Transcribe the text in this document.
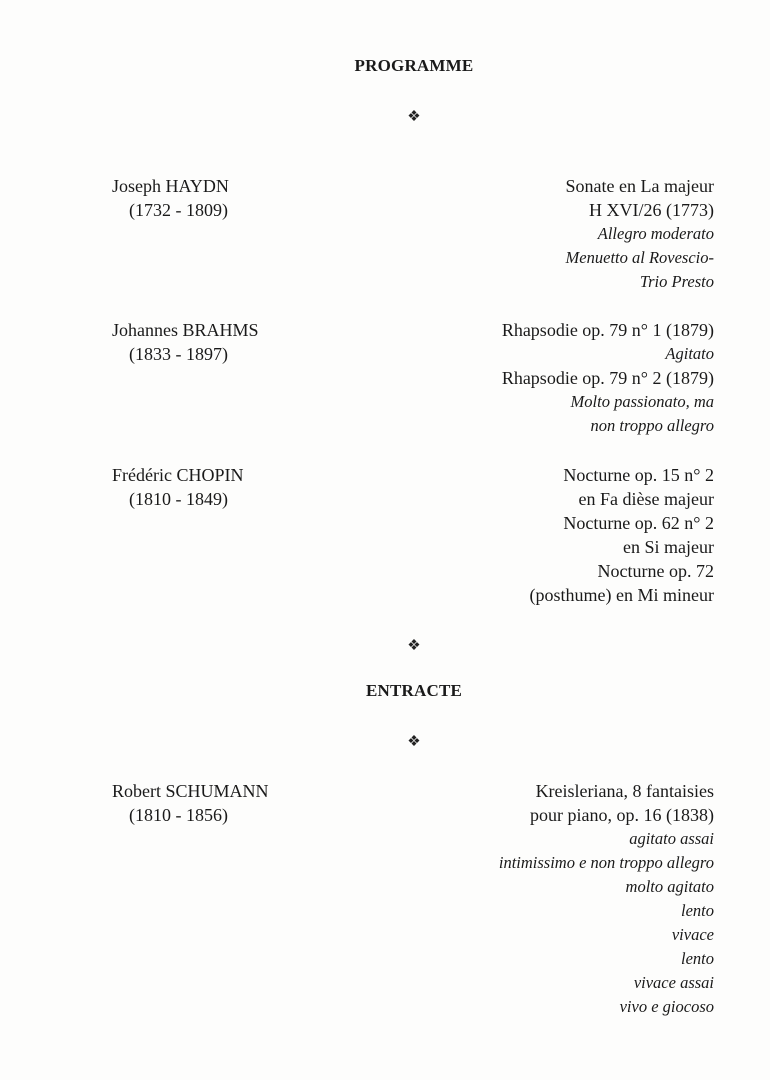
PROGRAMME
❖
Joseph HAYDN
(1732 - 1809)
Sonate en La majeur
H XVI/26 (1773)
Allegro moderato
Menuetto al Rovescio-
Trio Presto
Johannes BRAHMS
(1833 - 1897)
Rhapsodie op. 79 n° 1 (1879)
Agitato
Rhapsodie op. 79 n° 2 (1879)
Molto passionato, ma
non troppo allegro
Frédéric CHOPIN
(1810 - 1849)
Nocturne op. 15 n° 2
en Fa dièse majeur
Nocturne op. 62 n° 2
en Si majeur
Nocturne op. 72
(posthume) en Mi mineur
❖
ENTRACTE
❖
Robert SCHUMANN
(1810 - 1856)
Kreisleriana, 8 fantaisies
pour piano, op. 16 (1838)
agitato assai
intimissimo e non troppo allegro
molto agitato
lento
vivace
lento
vivace assai
vivo e giocoso
